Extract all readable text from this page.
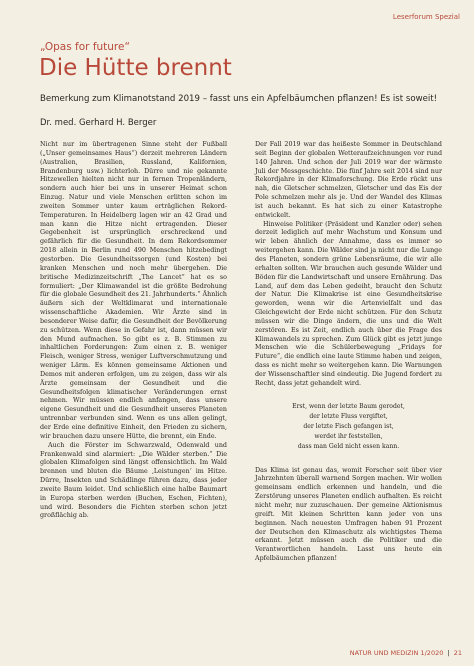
Leserforum Spezial
„Opas for future“
Die Hütte brennt
Bemerkung zum Klimanotstand 2019 – fasst uns ein Apfelbäumchen pflanzen! Es ist soweit!
Dr. med. Gerhard H. Berger

Nicht nur im übertragenen Sinne steht der Fußball („Unser gemeinsames Haus“) derzeit mehreren Ländern (Australien, Brasilien, Russland, Kalifornien, Brandenburg usw.) lichterloh. Dürre und nie gekannte Hitzewellen hielten nicht nur in fernen Tropenländern, sondern auch hier bei uns in unserer Heimat schon Einzug. Natur und viele Menschen erlitten schon im zweiten Sommer unter kaum erträglichen Rekord-Temperaturen. In Heidelberg lagen wir an 42 Grad und man kann die Hitze nicht ertragenden. Dieser Gegebenheit ist ursprünglich erschreckend und gefährlich für die Gesundheit. In dem Rekordsommer 2018 allein in Berlin rund 490 Menschen hitzebedingt gestorben. Die Gesundheitssorgen (und Kosten) bei kranken Menschen und noch mehr übergehen. Die britische Medizinzeitschrift „The Lancet“ hat es so formuliert: „Der Klimawandel ist die größte Bedrohung für die globale Gesundheit des 21. Jahrhunderts.“ Ähnlich äußern sich der Weltklimarat und internationale wissenschaftliche Akademien. Wir Ärzte sind in besonderer Weise dafür, die Gesundheit der Bevölkerung zu schützen. Wenn diese in Gefahr ist, dann müssen wir den Mund aufmachen. So gibt es z. B. Stimmen zu inhaltlichen Forderungen: Zum einen z. B. weniger Fleisch, weniger Stress, weniger Luftverschmutzung und weniger Lärm. Es können gemeinsame Aktionen und Demos mit anderen erfolgen, um zu zeigen, dass wir als Ärzte gemeinsam der Gesundheit und die Gesundheitsfolgen klimatischer Veränderungen ernst nehmen. Wir müssen endlich anfangen, dass unsere eigene Gesundheit und die Gesundheit unseres Planeten untrennbar verbunden sind. Wenn es uns allen gelingt, der Erde eine definitive Einheit, den Frieden zu sichern, wir brauchen dazu unsere Hütte, die brennt, ein Ende.

Auch die Förster im Schwarzwald, Odenwald und Frankenwald sind alarmiert: „Die Wälder sterben.“ Die globalen Klimafolgen sind längst offensichtlich. Im Wald brennen und bluten die Bäume ‚Leistungen‘ im Hitze. Dürre, Insekten und Schädlinge führen dazu, dass jeder zweite Baum leidet. Und schließlich eine halbe Baumart in Europa sterben werden (Buchen, Eschen, Fichten), und wird. Besonders die Fichten sterben schon jetzt großflächig ab.

Der Fall 2019 war das heißeste Sommer in Deutschland seit Beginn der globalen Wetteraufzeichnungen vor rund 140 Jahren. Und schon der Juli 2019 war der wärmste Juli der Messgeschichte. Die fünf Jahre seit 2014 sind nur Rekordjahre in der Klimaforschung. Die Erde rückt uns nah, die Gletscher schmelzen, Gletscher und das Eis der Pole schmelzen mehr als je. Und der Wandel des Klimas ist auch bekannt. Es hat sich zu einer Katastrophe entwickelt.

Hinweise Politiker (Präsident und Kanzler oder) sehen derzeit lediglich auf mehr Wachstum und Konsum und wir leben ähnlich der Annahme, dass es immer so weitergehen kann. Die Wälder sind ja nicht nur die Lunge des Planeten, sondern grüne Lebensräume, die wir alle erhalten sollten. Wir brauchen auch gesunde Wälder und Böden für die Landwirtschaft und unsere Ernährung. Das Land, auf dem das Leben gedeiht, braucht den Schutz der Natur. Die Klimakrise ist eine Gesundheitskrise geworden, wenn wir die Artenvielfalt und das Gleichgewicht der Erde nicht schützen. Für den Schutz müssen wir die Dinge ändern, die uns und die Welt zerstören. Es ist Zeit, endlich auch über die Frage des Klimawandels zu sprechen. Zum Glück gibt es jetzt junge Menschen wie die Schülerbewegung „Fridays for Future“, die endlich eine laute Stimme haben und zeigen, dass es nicht mehr so weitergehen kann. Die Warnungen der Wissenschaftler sind eindeutig. Die Jugend fordert zu Recht, dass jetzt gehandelt wird.

Erst, wenn der letzte Baum gerodet,
der letzte Fluss vergiftet,
der letzte Fisch gefangen ist,
werdet ihr feststellen,
dass man Geld nicht essen kann.

Das Klima ist genau das, womit Forscher seit über vier Jahrzehnten überall warnend Sorgen machen. Wir wollen gemeinsam endlich erkennen und handeln, und die Zerstörung unseres Planeten endlich aufhalten. Es reicht nicht mehr, nur zuzuschauen. Der gemeine Aktionismus greift. Mit kleinen Schritten kann jeder von uns beginnen. Nach neuesten Umfragen haben 91 Prozent der Deutschen den Klimaschutz als wichtigstes Thema erkannt. Jetzt müssen auch die Politiker und die Verantwortlichen handeln. Lasst uns heute ein Apfelbäumchen pflanzen!

NATUR UND MEDIZIN 1/2020 | 21
